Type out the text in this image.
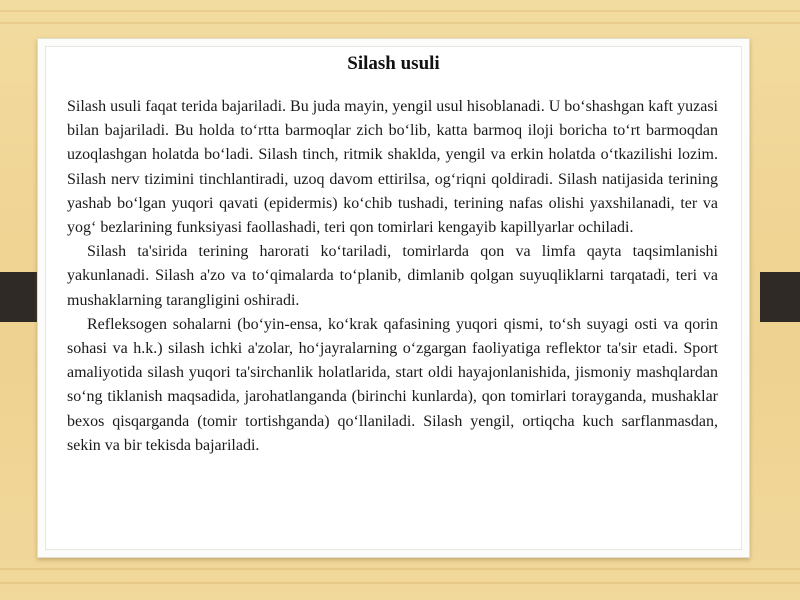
Silash usuli

Silash usuli faqat terida bajariladi. Bu juda mayin, yengil usul hisoblanadi. U bo‘shashgan kaft yuzasi bilan bajariladi. Bu holda to‘rtta barmoqlar zich bo‘lib, katta barmoq iloji boricha to‘rt barmoqdan uzoqlashgan holatda bo‘ladi. Silash tinch, ritmik shaklda, yengil va erkin holatda o‘tkazilishi lozim. Silash nerv tizimini tinchlantiradi, uzoq davom ettirilsa, og‘riqni qoldiradi. Silash natijasida terining yashab bo‘lgan yuqori qavati (epidermis) ko‘chib tushadi, terining nafas olishi yaxshilanadi, ter va yog‘ bezlarining funksiyasi faollashadi, teri qon tomirlari kengayib kapillyarlar ochiladi.

Silash ta'sirida terining harorati ko‘tariladi, tomirlarda qon va limfa qayta taqsimlanishi yakunlanadi. Silash a'zo va to‘qimalarda to‘planib, dimlanib qolgan suyuqliklarni tarqatadi, teri va mushaklarning tarangligini oshiradi.

Refleksogen sohalarni (bo‘yin-ensa, ko‘krak qafasining yuqori qismi, to‘sh suyagi osti va qorin sohasi va h.k.) silash ichki a'zolar, ho‘jayralarning o‘zgargan faoliyatiga reflektor ta'sir etadi. Sport amaliyotida silash yuqori ta'sirchanlik holatlarida, start oldi hayajonlanishida, jismoniy mashqlardan so‘ng tiklanish maqsadida, jarohatlanganda (birinchi kunlarda), qon tomirlari torayganda, mushaklar bexos qisqarganda (tomir tortishganda) qo‘llaniladi. Silash yengil, ortiqcha kuch sarflanmasdan, sekin va bir tekisda bajariladi.
